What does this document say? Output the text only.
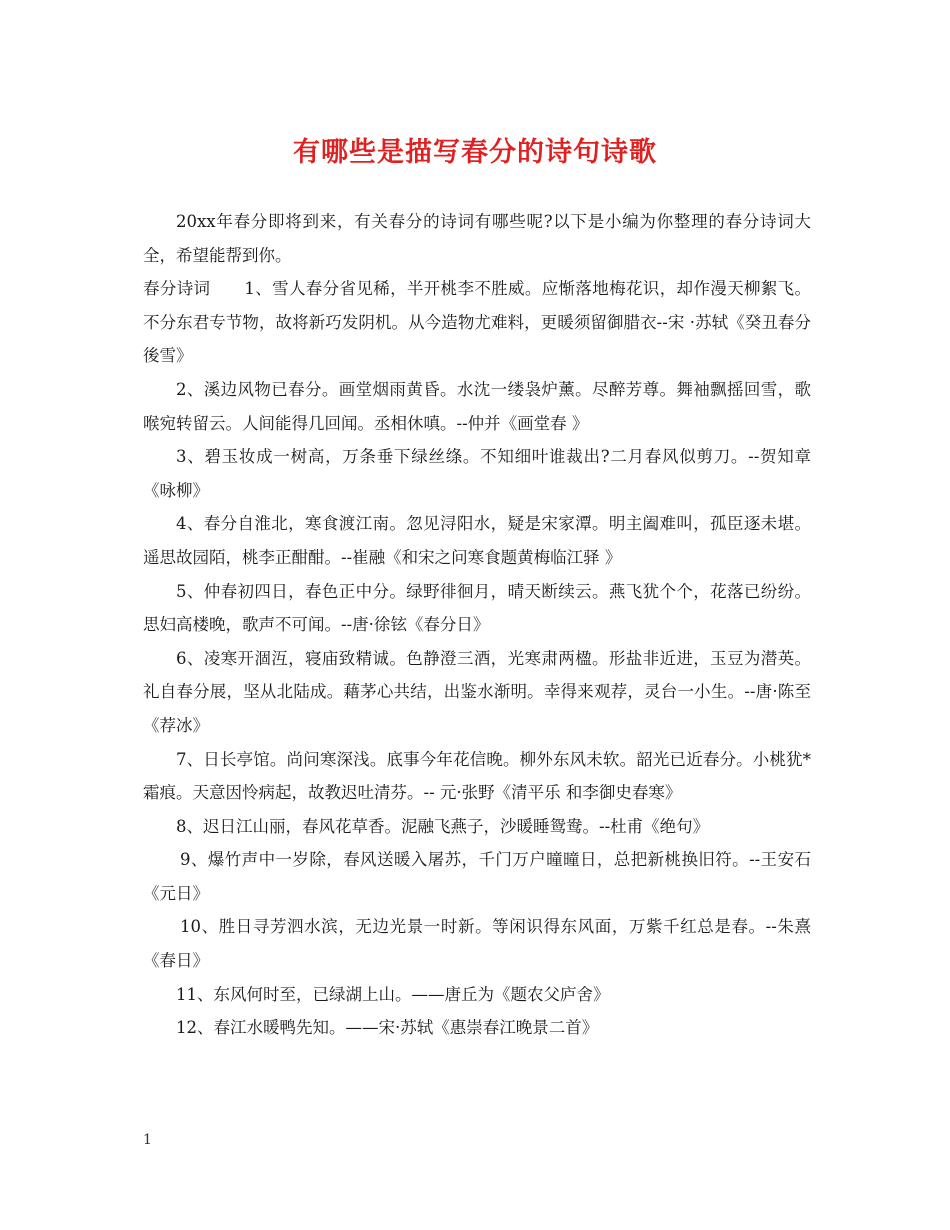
有哪些是描写春分的诗句诗歌

20xx年春分即将到来，有关春分的诗词有哪些呢?以下是小编为你整理的春分诗词大全，希望能帮到你。

春分诗词 1、雪人春分省见稀，半开桃李不胜威。应惭落地梅花识，却作漫天柳絮飞。不分东君专节物，故将新巧发阴机。从今造物尤难料，更暖须留御腊衣--宋 ·苏轼《癸丑春分後雪》

2、溪边风物已春分。画堂烟雨黄昏。水沈一缕袅炉薰。尽醉芳尊。舞袖飘摇回雪，歌喉宛转留云。人间能得几回闻。丞相休嗔。--仲并《画堂春 》

3、碧玉妆成一树高，万条垂下绿丝绦。不知细叶谁裁出?二月春风似剪刀。--贺知章《咏柳》

4、春分自淮北，寒食渡江南。忽见浔阳水，疑是宋家潭。明主阖难叫，孤臣逐未堪。遥思故园陌，桃李正酣酣。--崔融《和宋之问寒食题黄梅临江驿 》

5、仲春初四日，春色正中分。绿野徘徊月，晴天断续云。燕飞犹个个，花落已纷纷。思妇高楼晚，歌声不可闻。--唐·徐铉《春分日》

6、凌寒开涸沍，寝庙致精诚。色静澄三酒，光寒肃两楹。形盐非近进，玉豆为潜英。礼自春分展，坚从北陆成。藉茅心共结，出鉴水渐明。幸得来观荐，灵台一小生。--唐·陈至《荐冰》

7、日长亭馆。尚问寒深浅。底事今年花信晚。柳外东风未软。韶光已近春分。小桃犹*霜痕。天意因怜病起，故教迟吐清芬。-- 元·张野《清平乐 和李御史春寒》

8、迟日江山丽，春风花草香。泥融飞燕子，沙暖睡鸳鸯。--杜甫《绝句》

9、爆竹声中一岁除，春风送暖入屠苏，千门万户曈曈日，总把新桃换旧符。--王安石《元日》

10、胜日寻芳泗水滨，无边光景一时新。等闲识得东风面，万紫千红总是春。--朱熹《春日》

11、东风何时至，已绿湖上山。——唐丘为《题农父庐舍》

12、春江水暖鸭先知。——宋·苏轼《惠崇春江晚景二首》

1
